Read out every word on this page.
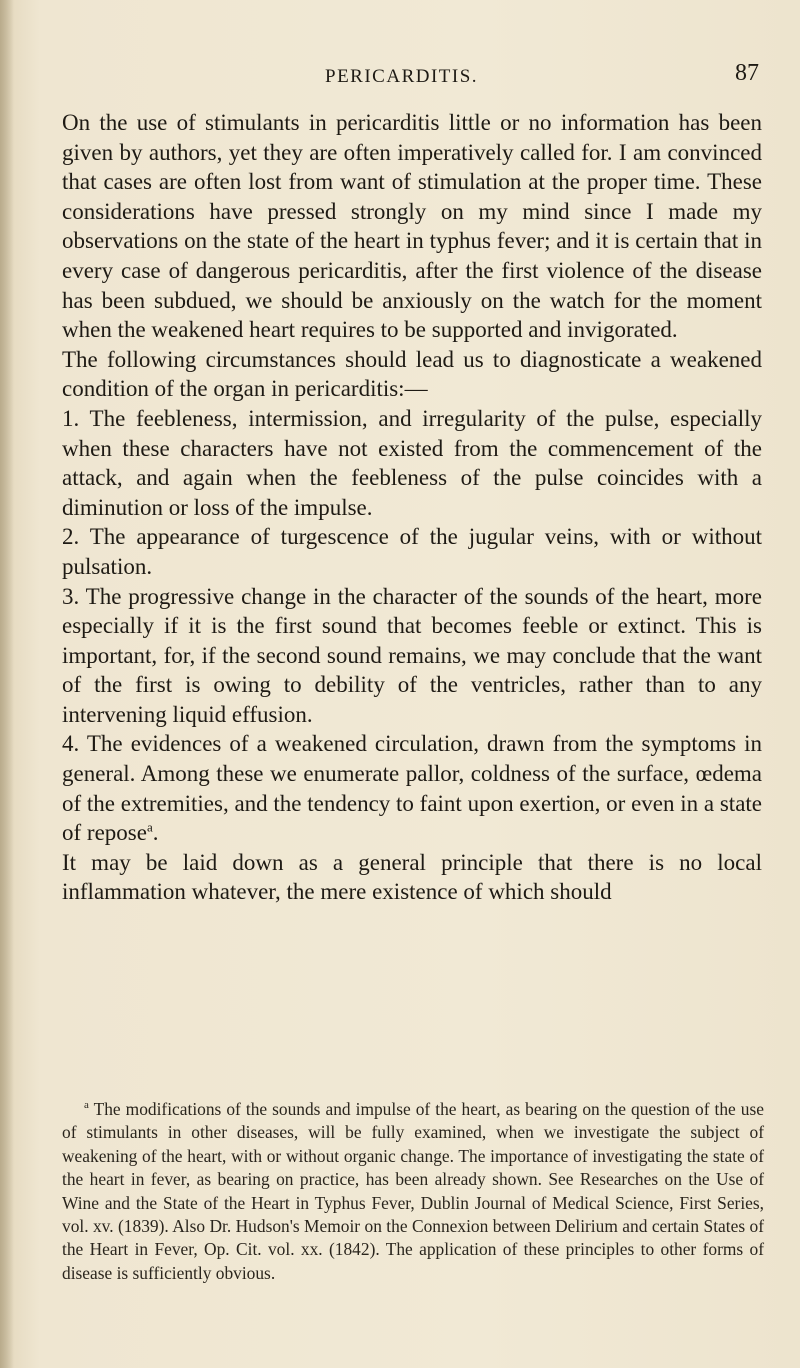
PERICARDITIS.	87

On the use of stimulants in pericarditis little or no information has been given by authors, yet they are often imperatively called for. I am convinced that cases are often lost from want of stimulation at the proper time. These considerations have pressed strongly on my mind since I made my observations on the state of the heart in typhus fever; and it is certain that in every case of dangerous pericarditis, after the first violence of the disease has been subdued, we should be anxiously on the watch for the moment when the weakened heart requires to be supported and invigorated.

The following circumstances should lead us to diagnosticate a weakened condition of the organ in pericarditis:—

1. The feebleness, intermission, and irregularity of the pulse, especially when these characters have not existed from the commencement of the attack, and again when the feebleness of the pulse coincides with a diminution or loss of the impulse.

2. The appearance of turgescence of the jugular veins, with or without pulsation.

3. The progressive change in the character of the sounds of the heart, more especially if it is the first sound that becomes feeble or extinct. This is important, for, if the second sound remains, we may conclude that the want of the first is owing to debility of the ventricles, rather than to any intervening liquid effusion.

4. The evidences of a weakened circulation, drawn from the symptoms in general. Among these we enumerate pallor, coldness of the surface, œdema of the extremities, and the tendency to faint upon exertion, or even in a state of repose$^a$.

It may be laid down as a general principle that there is no local inflammation whatever, the mere existence of which should

$^a$ The modifications of the sounds and impulse of the heart, as bearing on the question of the use of stimulants in other diseases, will be fully examined, when we investigate the subject of weakening of the heart, with or without organic change. The importance of investigating the state of the heart in fever, as bearing on practice, has been already shown. See Researches on the Use of Wine and the State of the Heart in Typhus Fever, Dublin Journal of Medical Science, First Series, vol. xv. (1839). Also Dr. Hudson's Memoir on the Connexion between Delirium and certain States of the Heart in Fever, Op. Cit. vol. xx. (1842). The application of these principles to other forms of disease is sufficiently obvious.
